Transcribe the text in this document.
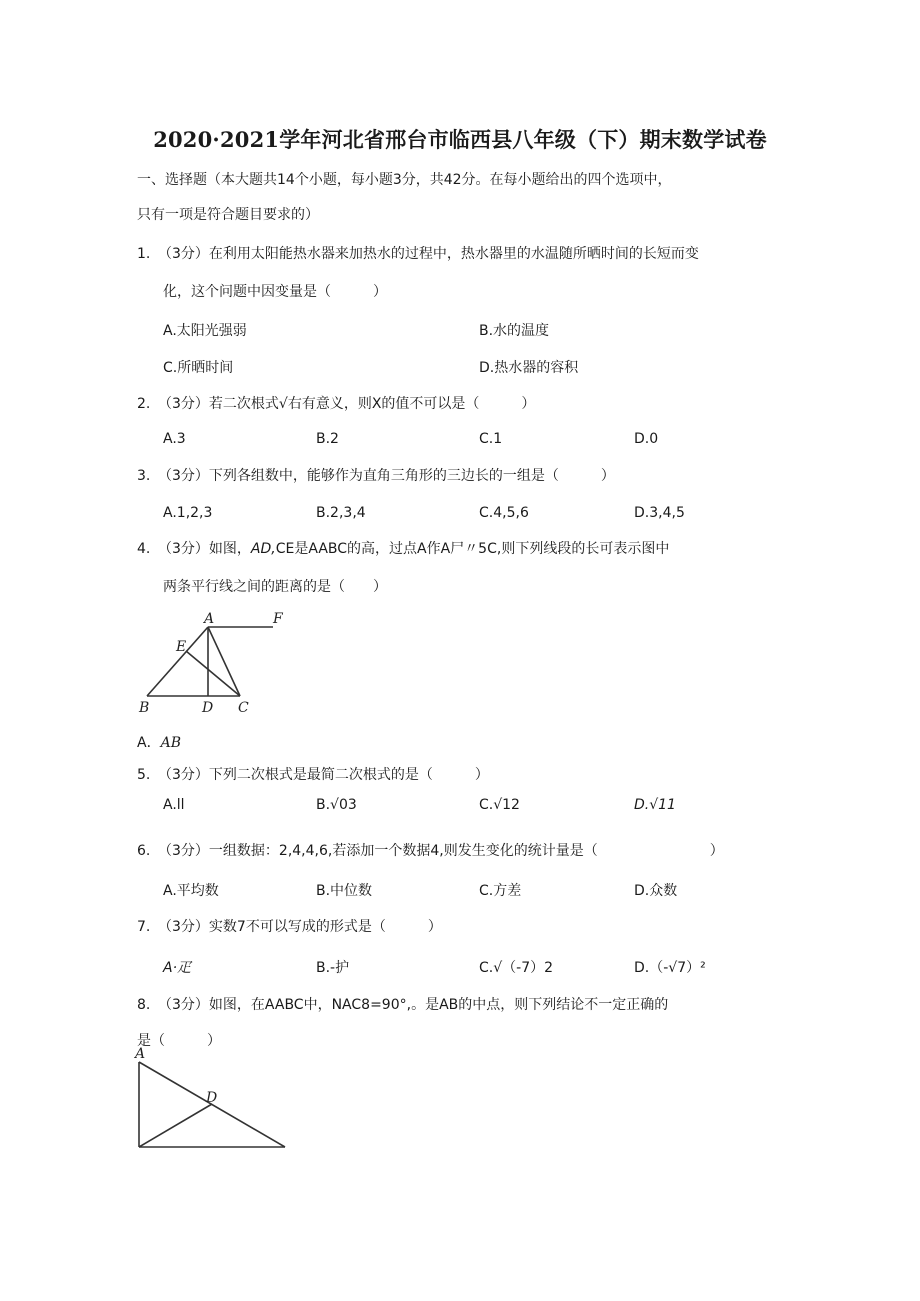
2020·2021学年河北省邢台市临西县八年级（下）期末数学试卷
一、选择题（本大题共14个小题，每小题3分，共42分。在每小题给出的四个选项中，
只有一项是符合题目要求的）
1. （3分）在利用太阳能热水器来加热水的过程中，热水器里的水温随所晒时间的长短而变
化，这个问题中因变量是（　　　）
A.太阳光强弱	B.水的温度
C.所晒时间	D.热水器的容积
2. （3分）若二次根式√右有意义，则X的值不可以是（　　　）
A.3	B.2	C.1	D.0
3. （3分）下列各组数中，能够作为直角三角形的三边长的一组是（　　　）
A.1,2,3	B.2,3,4	C.4,5,6	D.3,4,5
4. （3分）如图，AD,CE是AABC的高，过点A作A尸〃5C,则下列线段的长可表示图中
两条平行线之间的距离的是（　　）
A	F
E
B	D C
A．AB
5. （3分）下列二次根式是最简二次根式的是（　　　）
A.ll	B.√03	C.√12	D.√11
6. （3分）一组数据：2,4,4,6,若添加一个数据4,则发生变化的统计量是（　　　　　　　　）
A.平均数	B.中位数	C.方差	D.众数
7. （3分）实数7不可以写成的形式是（　　　）
A·疋	B.-护	C.√（-7）2	D.（-√7）²
8. （3分）如图，在AABC中，NAC8=90°,。是AB的中点，则下列结论不一定正确的
是（　　　）
A
D
